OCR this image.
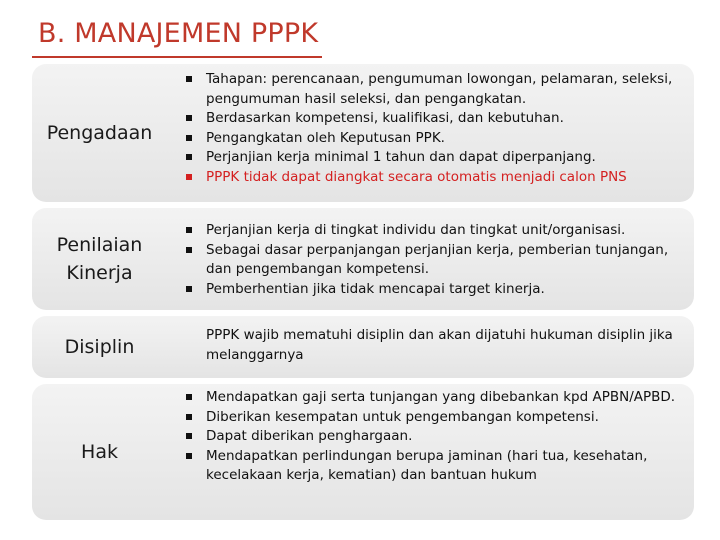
B. MANAJEMEN PPPK
Pengadaan
Tahapan: perencanaan, pengumuman lowongan, pelamaran, seleksi, pengumuman hasil seleksi, dan pengangkatan.
Berdasarkan kompetensi, kualifikasi, dan kebutuhan.
Pengangkatan oleh Keputusan PPK.
Perjanjian kerja minimal 1 tahun dan dapat diperpanjang.
PPPK tidak dapat diangkat secara otomatis menjadi calon PNS
Penilaian
Kinerja
Perjanjian kerja di tingkat individu dan tingkat unit/organisasi.
Sebagai dasar perpanjangan perjanjian kerja, pemberian tunjangan, dan pengembangan kompetensi.
Pemberhentian jika tidak mencapai target kinerja.
Disiplin
PPPK wajib mematuhi disiplin dan akan dijatuhi hukuman disiplin jika melanggarnya
Hak
Mendapatkan gaji serta tunjangan yang dibebankan kpd APBN/APBD.
Diberikan kesempatan untuk pengembangan kompetensi.
Dapat diberikan penghargaan.
Mendapatkan perlindungan berupa jaminan (hari tua, kesehatan, kecelakaan kerja, kematian) dan bantuan hukum
